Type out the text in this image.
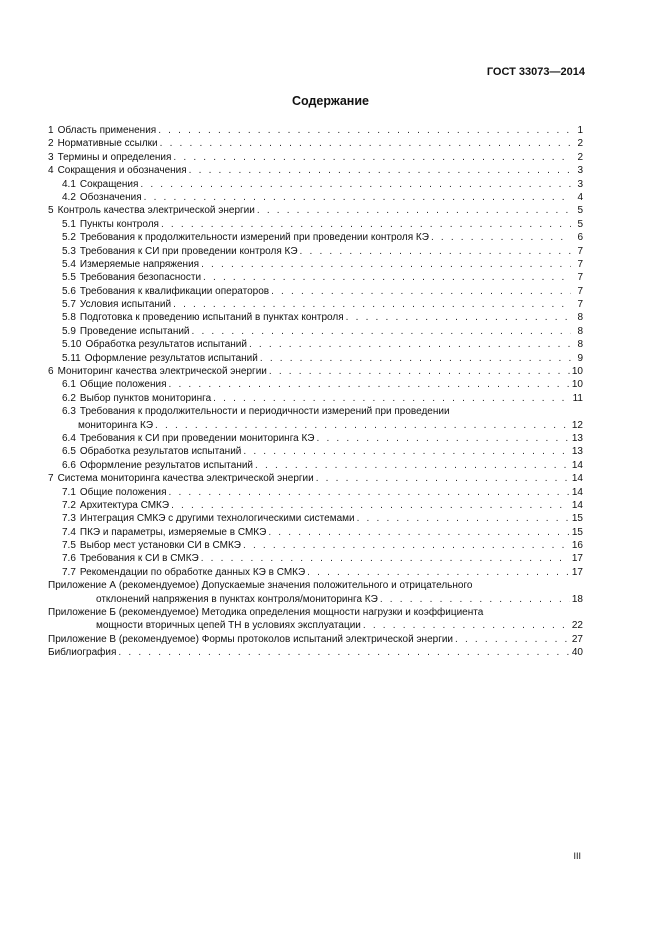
ГОСТ 33073—2014
Содержание
1 Область применения . . .	1
2 Нормативные ссылки . . .	2
3 Термины и определения . . .	2
4 Сокращения и обозначения . . .	3
4.1 Сокращения . . .	3
4.2 Обозначения . . .	4
5 Контроль качества электрической энергии . . .	5
5.1 Пункты контроля . . .	5
5.2 Требования к продолжительности измерений при проведении контроля КЭ . . .	6
5.3 Требования к СИ при проведении контроля КЭ . . .	7
5.4 Измеряемые напряжения . . .	7
5.5 Требования безопасности . . .	7
5.6 Требования к квалификации операторов . . .	7
5.7 Условия испытаний . . .	7
5.8 Подготовка к проведению испытаний в пунктах контроля . . .	8
5.9 Проведение испытаний . . .	8
5.10 Обработка результатов испытаний . . .	8
5.11 Оформление результатов испытаний . . .	9
6 Мониторинг качества электрической энергии . . .	10
6.1 Общие положения . . .	10
6.2 Выбор пунктов мониторинга . . .	11
6.3 Требования к продолжительности и периодичности измерений при проведении
мониторинга КЭ . . .	12
6.4 Требования к СИ при проведении мониторинга КЭ . . .	13
6.5 Обработка результатов испытаний . . .	13
6.6 Оформление результатов испытаний . . .	14
7 Система мониторинга качества электрической энергии . . .	14
7.1 Общие положения . . .	14
7.2 Архитектура СМКЭ . . .	14
7.3 Интеграция СМКЭ с другими технологическими системами . . .	15
7.4 ПКЭ и параметры, измеряемые в СМКЭ . . .	15
7.5 Выбор мест установки СИ в СМКЭ . . .	16
7.6 Требования к СИ в СМКЭ . . .	17
7.7 Рекомендации по обработке данных КЭ в СМКЭ . . .	17
Приложение А (рекомендуемое) Допускаемые значения положительного и отрицательного
отклонений напряжения в пунктах контроля/мониторинга КЭ . . .	18
Приложение Б (рекомендуемое) Методика определения мощности нагрузки и коэффициента
мощности вторичных цепей ТН в условиях эксплуатации . . .	22
Приложение В (рекомендуемое) Формы протоколов испытаний электрической энергии . . .	27
Библиография . . .	40
III
